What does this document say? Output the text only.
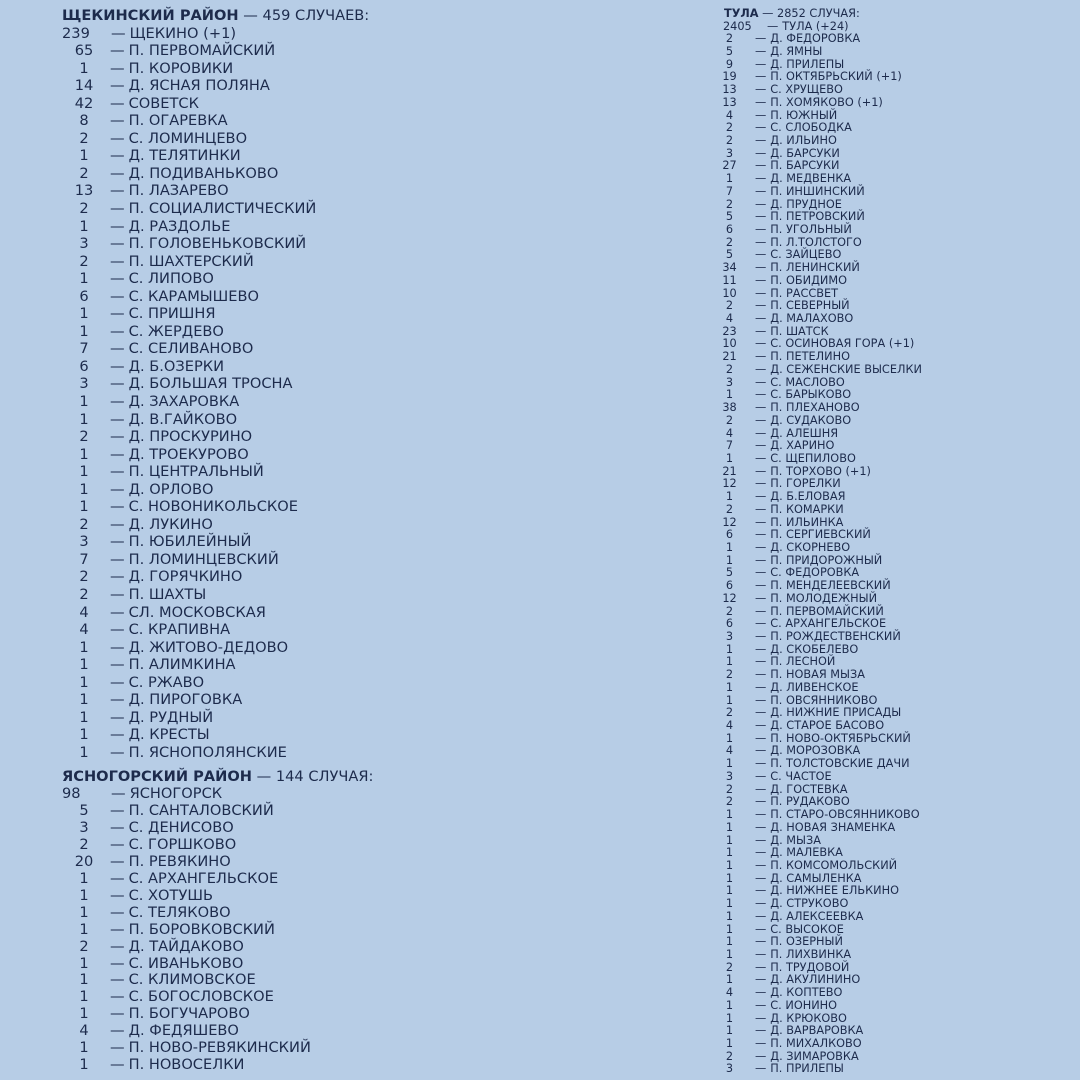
ЩЕКИНСКИЙ РАЙОН — 459 СЛУЧАЕВ:
239	— ЩЕКИНО (+1)
65	— П. ПЕРВОМАЙСКИЙ
1	— П. КОРОВИКИ
14	— Д. ЯСНАЯ ПОЛЯНА
42	— СОВЕТСК
8	— П. ОГАРЕВКА
2	— С. ЛОМИНЦЕВО
1	— Д. ТЕЛЯТИНКИ
2	— Д. ПОДИВАНЬКОВО
13	— П. ЛАЗАРЕВО
2	— П. СОЦИАЛИСТИЧЕСКИЙ
1	— Д. РАЗДОЛЬЕ
3	— П. ГОЛОВЕНЬКОВСКИЙ
2	— П. ШАХТЕРСКИЙ
1	— С. ЛИПОВО
6	— С. КАРАМЫШЕВО
1	— С. ПРИШНЯ
1	— С. ЖЕРДЕВО
7	— С. СЕЛИВАНОВО
6	— Д. Б.ОЗЕРКИ
3	— Д. БОЛЬШАЯ ТРОСНА
1	— Д. ЗАХАРОВКА
1	— Д. В.ГАЙКОВО
2	— Д. ПРОСКУРИНО
1	— Д. ТРОЕКУРОВО
1	— П. ЦЕНТРАЛЬНЫЙ
1	— Д. ОРЛОВО
1	— С. НОВОНИКОЛЬСКОЕ
2	— Д. ЛУКИНО
3	— П. ЮБИЛЕЙНЫЙ
7	— П. ЛОМИНЦЕВСКИЙ
2	— Д. ГОРЯЧКИНО
2	— П. ШАХТЫ
4	— СЛ. МОСКОВСКАЯ
4	— С. КРАПИВНА
1	— Д. ЖИТОВО-ДЕДОВО
1	— П. АЛИМКИНА
1	— С. РЖАВО
1	— Д. ПИРОГОВКА
1	— Д. РУДНЫЙ
1	— Д. КРЕСТЫ
1	— П. ЯСНОПОЛЯНСКИЕ
ЯСНОГОРСКИЙ РАЙОН — 144 СЛУЧАЯ:
98	— ЯСНОГОРСК
5	— П. САНТАЛОВСКИЙ
3	— С. ДЕНИСОВО
2	— С. ГОРШКОВО
20	— П. РЕВЯКИНО
1	— С. АРХАНГЕЛЬСКОЕ
1	— С. ХОТУШЬ
1	— С. ТЕЛЯКОВО
1	— П. БОРОВКОВСКИЙ
2	— Д. ТАЙДАКОВО
1	— С. ИВАНЬКОВО
1	— С. КЛИМОВСКОЕ
1	— С. БОГОСЛОВСКОЕ
1	— П. БОГУЧАРОВО
4	— Д. ФЕДЯШЕВО
1	— П. НОВО-РЕВЯКИНСКИЙ
1	— П. НОВОСЕЛКИ
ТУЛА — 2852 СЛУЧАЯ:
2405	— ТУЛА (+24)
2	— Д. ФЕДОРОВКА
5	— Д. ЯМНЫ
9	— Д. ПРИЛЕПЫ
19	— П. ОКТЯБРЬСКИЙ (+1)
13	— С. ХРУЩЕВО
13	— П. ХОМЯКОВО (+1)
4	— П. ЮЖНЫЙ
2	— С. СЛОБОДКА
2	— Д. ИЛЬИНО
3	— Д. БАРСУКИ
27	— П. БАРСУКИ
1	— Д. МЕДВЕНКА
7	— П. ИНШИНСКИЙ
2	— Д. ПРУДНОЕ
5	— П. ПЕТРОВСКИЙ
6	— П. УГОЛЬНЫЙ
2	— П. Л.ТОЛСТОГО
5	— С. ЗАЙЦЕВО
34	— П. ЛЕНИНСКИЙ
11	— П. ОБИДИМО
10	— П. РАССВЕТ
2	— П. СЕВЕРНЫЙ
4	— Д. МАЛАХОВО
23	— П. ШАТСК
10	— С. ОСИНОВАЯ ГОРА (+1)
21	— П. ПЕТЕЛИНО
2	— Д. СЕЖЕНСКИЕ ВЫСЕЛКИ
3	— С. МАСЛОВО
1	— С. БАРЫКОВО
38	— П. ПЛЕХАНОВО
2	— Д. СУДАКОВО
4	— Д. АЛЕШНЯ
7	— Д. ХАРИНО
1	— С. ЩЕПИЛОВО
21	— П. ТОРХОВО (+1)
12	— П. ГОРЕЛКИ
1	— Д. Б.ЕЛОВАЯ
2	— П. КОМАРКИ
12	— П. ИЛЬИНКА
6	— П. СЕРГИЕВСКИЙ
1	— Д. СКОРНЕВО
1	— П. ПРИДОРОЖНЫЙ
5	— С. ФЕДОРОВКА
6	— П. МЕНДЕЛЕЕВСКИЙ
12	— П. МОЛОДЕЖНЫЙ
2	— П. ПЕРВОМАЙСКИЙ
6	— С. АРХАНГЕЛЬСКОЕ
3	— П. РОЖДЕСТВЕНСКИЙ
1	— Д. СКОБЕЛЕВО
1	— П. ЛЕСНОЙ
2	— П. НОВАЯ МЫЗА
1	— Д. ЛИВЕНСКОЕ
1	— П. ОВСЯННИКОВО
2	— Д. НИЖНИЕ ПРИСАДЫ
4	— Д. СТАРОЕ БАСОВО
1	— П. НОВО-ОКТЯБРЬСКИЙ
4	— Д. МОРОЗОВКА
1	— П. ТОЛСТОВСКИЕ ДАЧИ
3	— С. ЧАСТОЕ
2	— Д. ГОСТЕВКА
2	— П. РУДАКОВО
1	— П. СТАРО-ОВСЯННИКОВО
1	— Д. НОВАЯ ЗНАМЕНКА
1	— Д. МЫЗА
1	— Д. МАЛЕВКА
1	— П. КОМСОМОЛЬСКИЙ
1	— Д. САМЫЛЕНКА
1	— Д. НИЖНЕЕ ЕЛЬКИНО
1	— Д. СТРУКОВО
1	— Д. АЛЕКСЕЕВКА
1	— С. ВЫСОКОЕ
1	— П. ОЗЕРНЫЙ
1	— П. ЛИХВИНКА
2	— П. ТРУДОВОЙ
1	— Д. АКУЛИНИНО
4	— Д. КОПТЕВО
1	— С. ИОНИНО
1	— Д. КРЮКОВО
1	— Д. ВАРВАРОВКА
1	— П. МИХАЛКОВО
2	— Д. ЗИМАРОВКА
3	— П. ПРИЛЕПЫ
